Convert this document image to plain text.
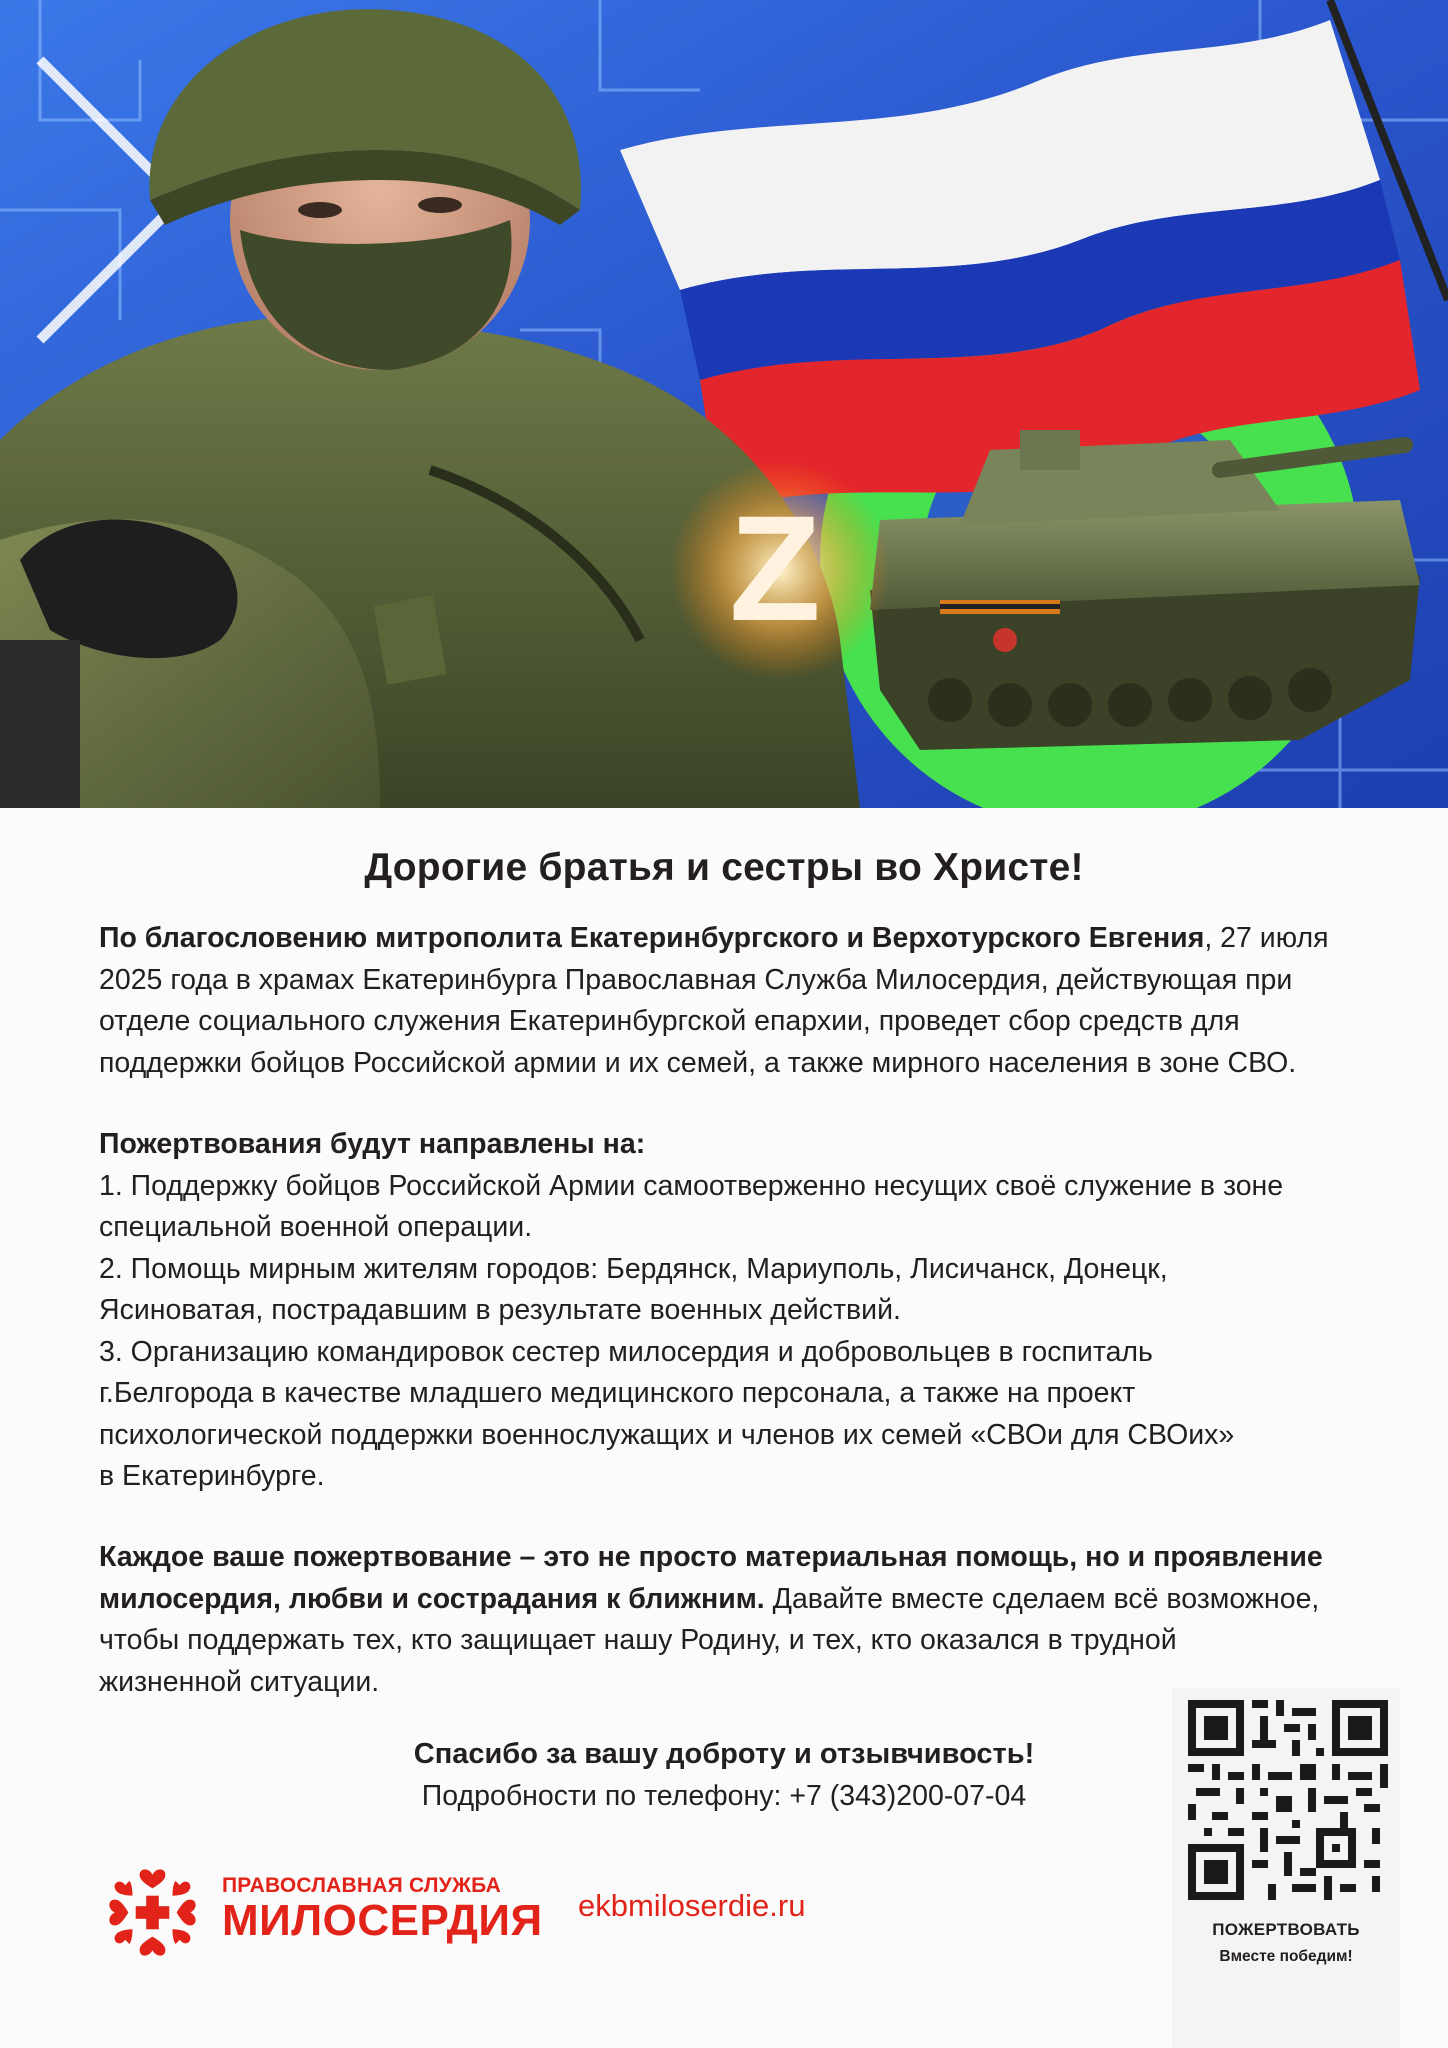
Z
Дорогие братья и сестры во Христе!
По благословению митрополита Екатеринбургского и Верхотурского Евгения, 27 июля
2025 года в храмах Екатеринбурга Православная Служба Милосердия, действующая при
отделе социального служения Екатеринбургской епархии, проведет сбор средств для
поддержки бойцов Российской армии и их семей, а также мирного населения в зоне СВО.
Пожертвования будут направлены на:
1. Поддержку бойцов Российской Армии самоотверженно несущих своё служение в зоне
специальной военной операции.
2. Помощь мирным жителям городов: Бердянск, Мариуполь, Лисичанск, Донецк,
Ясиноватая, пострадавшим в результате военных действий.
3. Организацию командировок сестер милосердия и добровольцев в госпиталь
г.Белгорода в качестве младшего медицинского персонала, а также на проект
психологической поддержки военнослужащих и членов их семей «СВОи для СВОих»
в Екатеринбурге.
Каждое ваше пожертвование – это не просто материальная помощь, но и проявление
милосердия, любви и сострадания к ближним. Давайте вместе сделаем всё возможное,
чтобы поддержать тех, кто защищает нашу Родину, и тех, кто оказался в трудной
жизненной ситуации.
Спасибо за вашу доброту и отзывчивость!
Подробности по телефону: +7 (343)200-07-04
ПРАВОСЛАВНАЯ СЛУЖБА
МИЛОСЕРДИЯ ekbmiloserdie.ru
ПОЖЕРТВОВАТЬ
Вместе победим!
